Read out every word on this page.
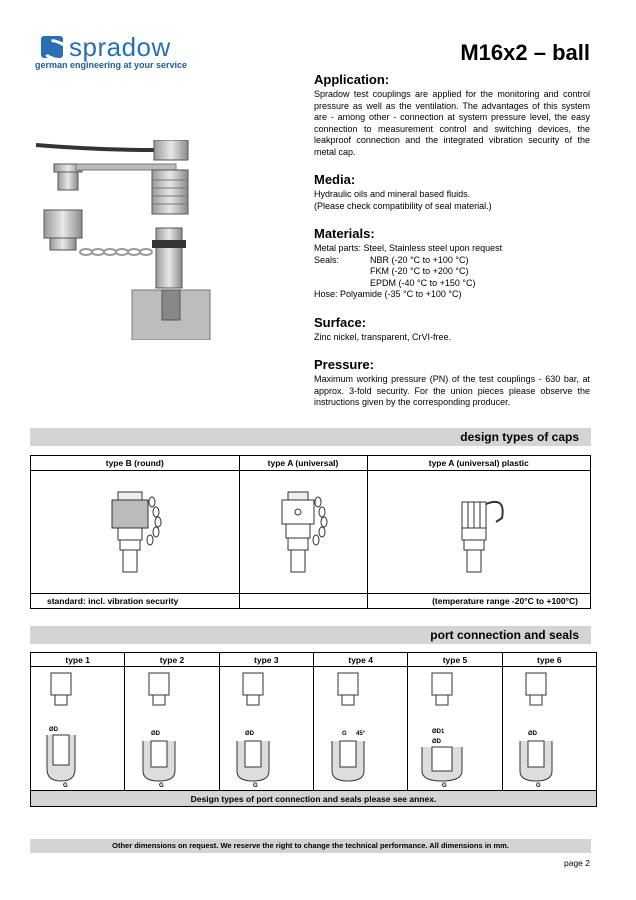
spradow
german engineering at your service	M16x2 – ball
Application:

Spradow test couplings are applied for the monitoring and control pressure as well as the ventilation. The advantages of this system are - among other - connection at system pressure level, the easy connection to measurement control and switching devices, the leakproof connection and the integrated vibration security of the metal cap.

Media:

Hydraulic oils and mineral based fluids.

(Please check compatibility of seal material.)

Materials:

Metal parts: Steel, Stainless steel upon request

Seals:	NBR (-20 °C to +100 °C)
FKM (-20 °C to +200 °C)
EPDM (-40 °C to +150 °C)

Hose: Polyamide (-35 °C to +100 °C)

Surface:

Zinc nickel, transparent, CrVI-free.

Pressure:

Maximum working pressure (PN) of the test couplings - 630 bar, at approx. 3-fold security. For the union pieces please observe the instructions given by the corresponding producer.

design types of caps
type B (round)	type A (universal)	type A (universal) plastic

standard: incl. vibration security		(temperature range -20°C to +100°C)
port connection and seals
type 1	type 2	type 3	type 4	type 5	type 6

ØD
G	ØD
G	ØD
G	G 45°	ØD1
ØD
G	ØD
G

Design types of port connection and seals please see annex.					
Other dimensions on request. We reserve the right to change the technical performance. All dimensions in mm.
page 2
